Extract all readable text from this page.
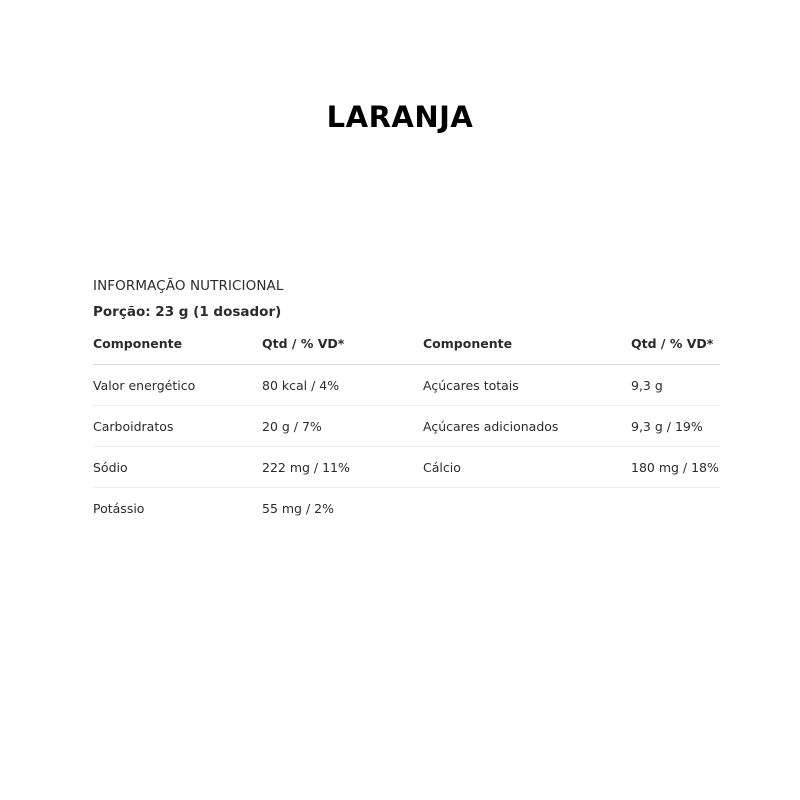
LARANJA

INFORMAÇÃO NUTRICIONAL

Porção: 23 g (1 dosador)

Componente	Qtd / % VD*	Componente	Qtd / % VD*
Valor energético	80 kcal / 4%	Açúcares totais	9,3 g
Carboidratos	20 g / 7%	Açúcares adicionados	9,3 g / 19%
Sódio	222 mg / 11%	Cálcio	180 mg / 18%
Potássio	55 mg / 2%		
